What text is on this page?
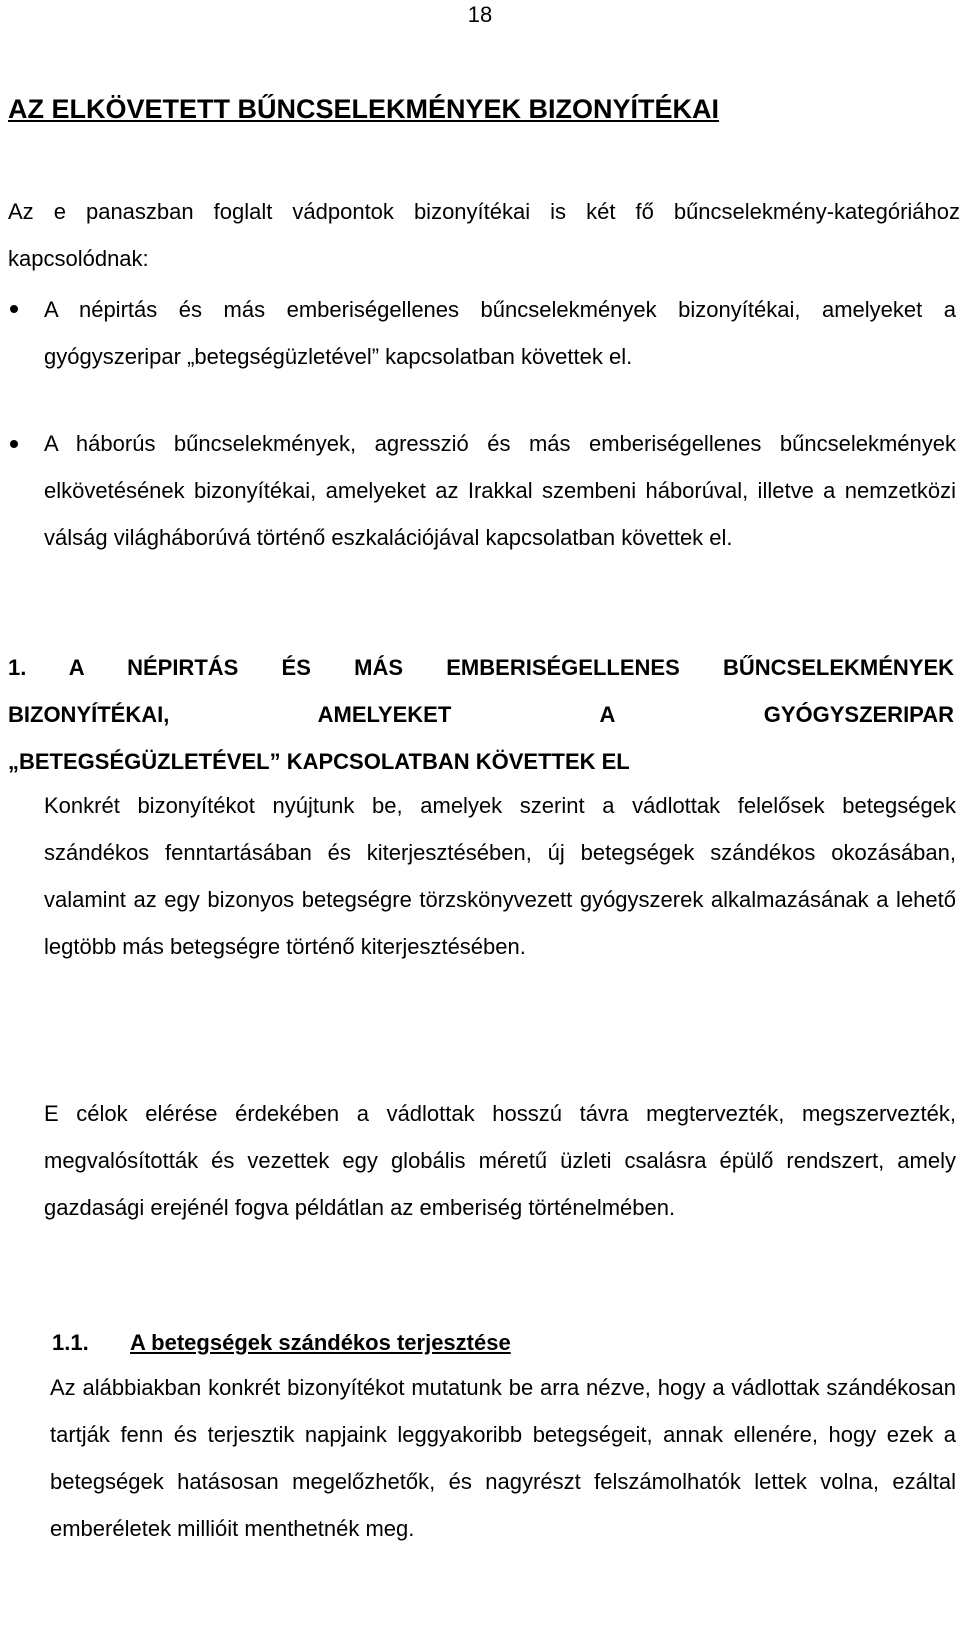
18
AZ ELKÖVETETT BŰNCSELEKMÉNYEK BIZONYÍTÉKAI
Az e panaszban foglalt vádpontok bizonyítékai is két fő bűncselekmény-kategóriához kapcsolódnak:
A népirtás és más emberiségellenes bűncselekmények bizonyítékai, amelyeket a gyógyszeripar „betegségüzletével” kapcsolatban követtek el.
A háborús bűncselekmények, agresszió és más emberiségellenes bűncselekmények elkövetésének bizonyítékai, amelyeket az Irakkal szembeni háborúval, illetve a nemzetközi válság világháborúvá történő eszkalációjával kapcsolatban követtek el.
1. A NÉPIRTÁS ÉS MÁS EMBERISÉGELLENES BŰNCSELEKMÉNYEK
BIZONYÍTÉKAI, AMELYEKET A GYÓGYSZERIPAR
„BETEGSÉGÜZLETÉVEL” KAPCSOLATBAN KÖVETTEK EL
Konkrét bizonyítékot nyújtunk be, amelyek szerint a vádlottak felelősek betegségek szándékos fenntartásában és kiterjesztésében, új betegségek szándékos okozásában, valamint az egy bizonyos betegségre törzskönyvezett gyógyszerek alkalmazásának a lehető legtöbb más betegségre történő kiterjesztésében.
E célok elérése érdekében a vádlottak hosszú távra megtervezték, megszervezték, megvalósították és vezettek egy globális méretű üzleti csalásra épülő rendszert, amely gazdasági erejénél fogva példátlan az emberiség történelmében.
1.1. A betegségek szándékos terjesztése
Az alábbiakban konkrét bizonyítékot mutatunk be arra nézve, hogy a vádlottak szándékosan tartják fenn és terjesztik napjaink leggyakoribb betegségeit, annak ellenére, hogy ezek a betegségek hatásosan megelőzhetők, és nagyrészt felszámolhatók lettek volna, ezáltal emberéletek millióit menthetnék meg.
